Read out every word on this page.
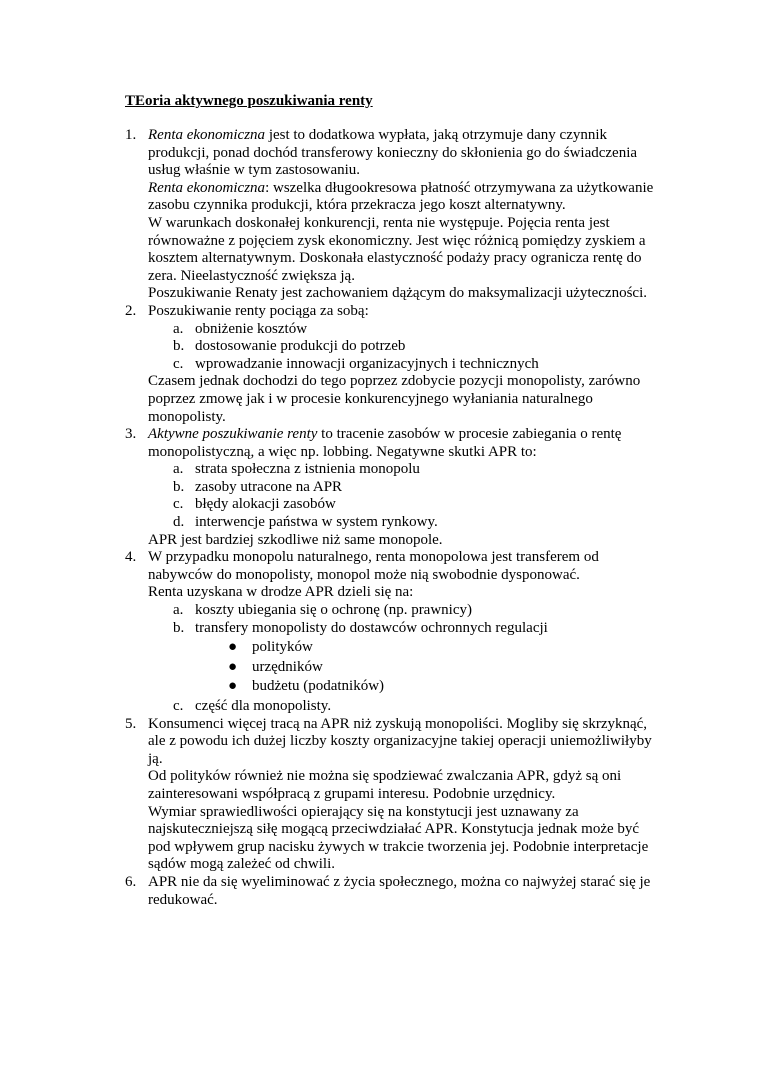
TEoria aktywnego poszukiwania renty
1. Renta ekonomiczna jest to dodatkowa wypłata, jaką otrzymuje dany czynnik produkcji, ponad dochód transferowy konieczny do skłonienia go do świadczenia usług właśnie w tym zastosowaniu.

Renta ekonomiczna: wszelka długookresowa płatność otrzymywana za użytkowanie zasobu czynnika produkcji, która przekracza jego koszt alternatywny.

W warunkach doskonałej konkurencji, renta nie występuje. Pojęcia renta jest równoważne z pojęciem zysk ekonomiczny. Jest więc różnicą pomiędzy zyskiem a kosztem alternatywnym. Doskonała elastyczność podaży pracy ogranicza rentę do zera. Nieelastyczność zwiększa ją.

Poszukiwanie Renaty jest zachowaniem dążącym do maksymalizacji użyteczności.

2. Poszukiwanie renty pociąga za sobą:

a. obniżenie kosztów

b. dostosowanie produkcji do potrzeb

c. wprowadzanie innowacji organizacyjnych i technicznych

Czasem jednak dochodzi do tego poprzez zdobycie pozycji monopolisty, zarówno poprzez zmowę jak i w procesie konkurencyjnego wyłaniania naturalnego monopolisty.

3. Aktywne poszukiwanie renty to tracenie zasobów w procesie zabiegania o rentę monopolistyczną, a więc np. lobbing. Negatywne skutki APR to:

a. strata społeczna z istnienia monopolu

b. zasoby utracone na APR

c. błędy alokacji zasobów

d. interwencje państwa w system rynkowy.

APR jest bardziej szkodliwe niż same monopole.

4. W przypadku monopolu naturalnego, renta monopolowa jest transferem od nabywców do monopolisty, monopol może nią swobodnie dysponować.

Renta uzyskana w drodze APR dzieli się na:

a. koszty ubiegania się o ochronę (np. prawnicy)

b. transfery monopolisty do dostawców ochronnych regulacji

● polityków

● urzędników

● budżetu (podatników)

c. część dla monopolisty.

5. Konsumenci więcej tracą na APR niż zyskują monopoliści. Mogliby się skrzyknąć, ale z powodu ich dużej liczby koszty organizacyjne takiej operacji uniemożliwiłyby ją.

Od polityków również nie można się spodziewać zwalczania APR, gdyż są oni zainteresowani współpracą z grupami interesu. Podobnie urzędnicy.

Wymiar sprawiedliwości opierający się na konstytucji jest uznawany za najskuteczniejszą siłę mogącą przeciwdziałać APR. Konstytucja jednak może być pod wpływem grup nacisku żywych w trakcie tworzenia jej. Podobnie interpretacje sądów mogą zależeć od chwili.

6. APR nie da się wyeliminować z życia społecznego, można co najwyżej starać się je redukować.
